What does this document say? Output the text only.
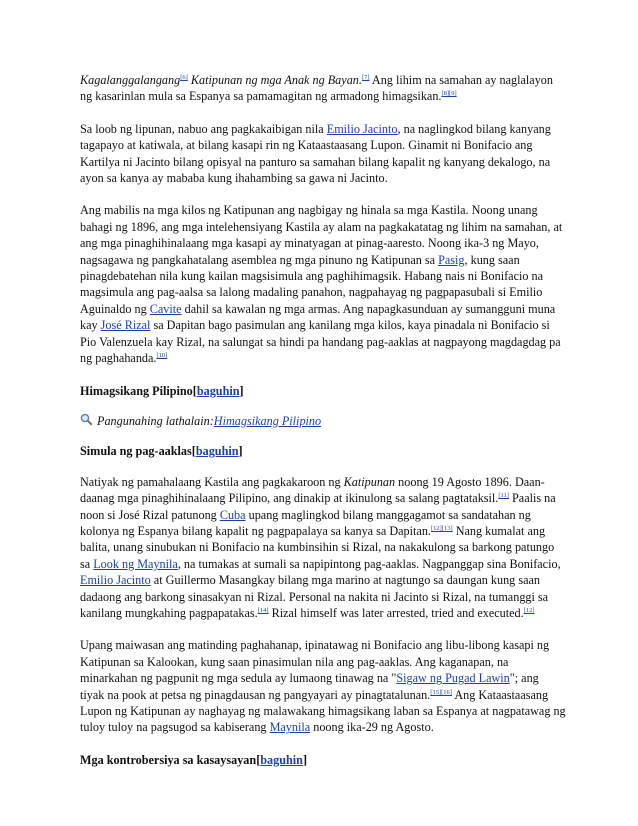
Kagalanggalangang[6] Katipunan ng mga Anak ng Bayan.[7] Ang lihim na samahan ay naglalayon ng kasarinlan mula sa Espanya sa pamamagitan ng armadong himagsikan.[8][9]

Sa loob ng lipunan, nabuo ang pagkakaibigan nila Emilio Jacinto, na naglingkod bilang kanyang tagapayo at katiwala, at bilang kasapi rin ng Kataastaasang Lupon. Ginamit ni Bonifacio ang Kartilya ni Jacinto bilang opisyal na panturo sa samahan bilang kapalit ng kanyang dekalogo, na ayon sa kanya ay mababa kung ihahambing sa gawa ni Jacinto.

Ang mabilis na mga kilos ng Katipunan ang nagbigay ng hinala sa mga Kastila. Noong unang bahagi ng 1896, ang mga intelehensiyang Kastila ay alam na pagkakatatag ng lihim na samahan, at ang mga pinaghihinalaang mga kasapi ay minatyagan at pinag-aaresto. Noong ika-3 ng Mayo, nagsagawa ng pangkahatalang asemblea ng mga pinuno ng Katipunan sa Pasig, kung saan pinagdebatehan nila kung kailan magsisimula ang paghihimagsik. Habang nais ni Bonifacio na magsimula ang pag-aalsa sa lalong madaling panahon, nagpahayag ng pagpapasubali si Emilio Aguinaldo ng Cavite dahil sa kawalan ng mga armas. Ang napagkasunduan ay sumangguni muna kay José Rizal sa Dapitan bago pasimulan ang kanilang mga kilos, kaya pinadala ni Bonifacio si Pio Valenzuela kay Rizal, na salungat sa hindi pa handang pag-aaklas at nagpayong magdagdag pa ng paghahanda.[10]

Himagsikang Pilipino[baguhin]
Pangunahing lathalain: Himagsikang Pilipino
Simula ng pag-aaklas[baguhin]

Natiyak ng pamahalaang Kastila ang pagkakaroon ng Katipunan noong 19 Agosto 1896. Daan-daanag mga pinaghihinalaang Pilipino, ang dinakip at ikinulong sa salang pagtataksil.[11] Paalis na noon si José Rizal patunong Cuba upang maglingkod bilang manggagamot sa sandatahan ng kolonya ng Espanya bilang kapalit ng pagpapalaya sa kanya sa Dapitan.[12][13] Nang kumalat ang balita, unang sinubukan ni Bonifacio na kumbinsihin si Rizal, na nakakulong sa barkong patungo sa Look ng Maynila, na tumakas at sumali sa napipintong pag-aaklas. Nagpanggap sina Bonifacio, Emilio Jacinto at Guillermo Masangkay bilang mga marino at nagtungo sa daungan kung saan dadaong ang barkong sinasakyan ni Rizal. Personal na nakita ni Jacinto si Rizal, na tumanggi sa kanilang mungkahing pagpapatakas.[14] Rizal himself was later arrested, tried and executed.[12]

Upang maiwasan ang matinding paghahanap, ipinatawag ni Bonifacio ang libu-libong kasapi ng Katipunan sa Kalookan, kung saan pinasimulan nila ang pag-aaklas. Ang kaganapan, na minarkahan ng pagpunit ng mga sedula ay lumaong tinawag na "Sigaw ng Pugad Lawin"; ang tiyak na pook at petsa ng pinagdausan ng pangyayari ay pinagtatalunan.[15][16] Ang Kataastaasang Lupon ng Katipunan ay naghayag ng malawakang himagsikang laban sa Espanya at nagpatawag ng tuloy tuloy na pagsugod sa kabiserang Maynila noong ika-29 ng Agosto.

Mga kontrobersiya sa kasaysayan[baguhin]
